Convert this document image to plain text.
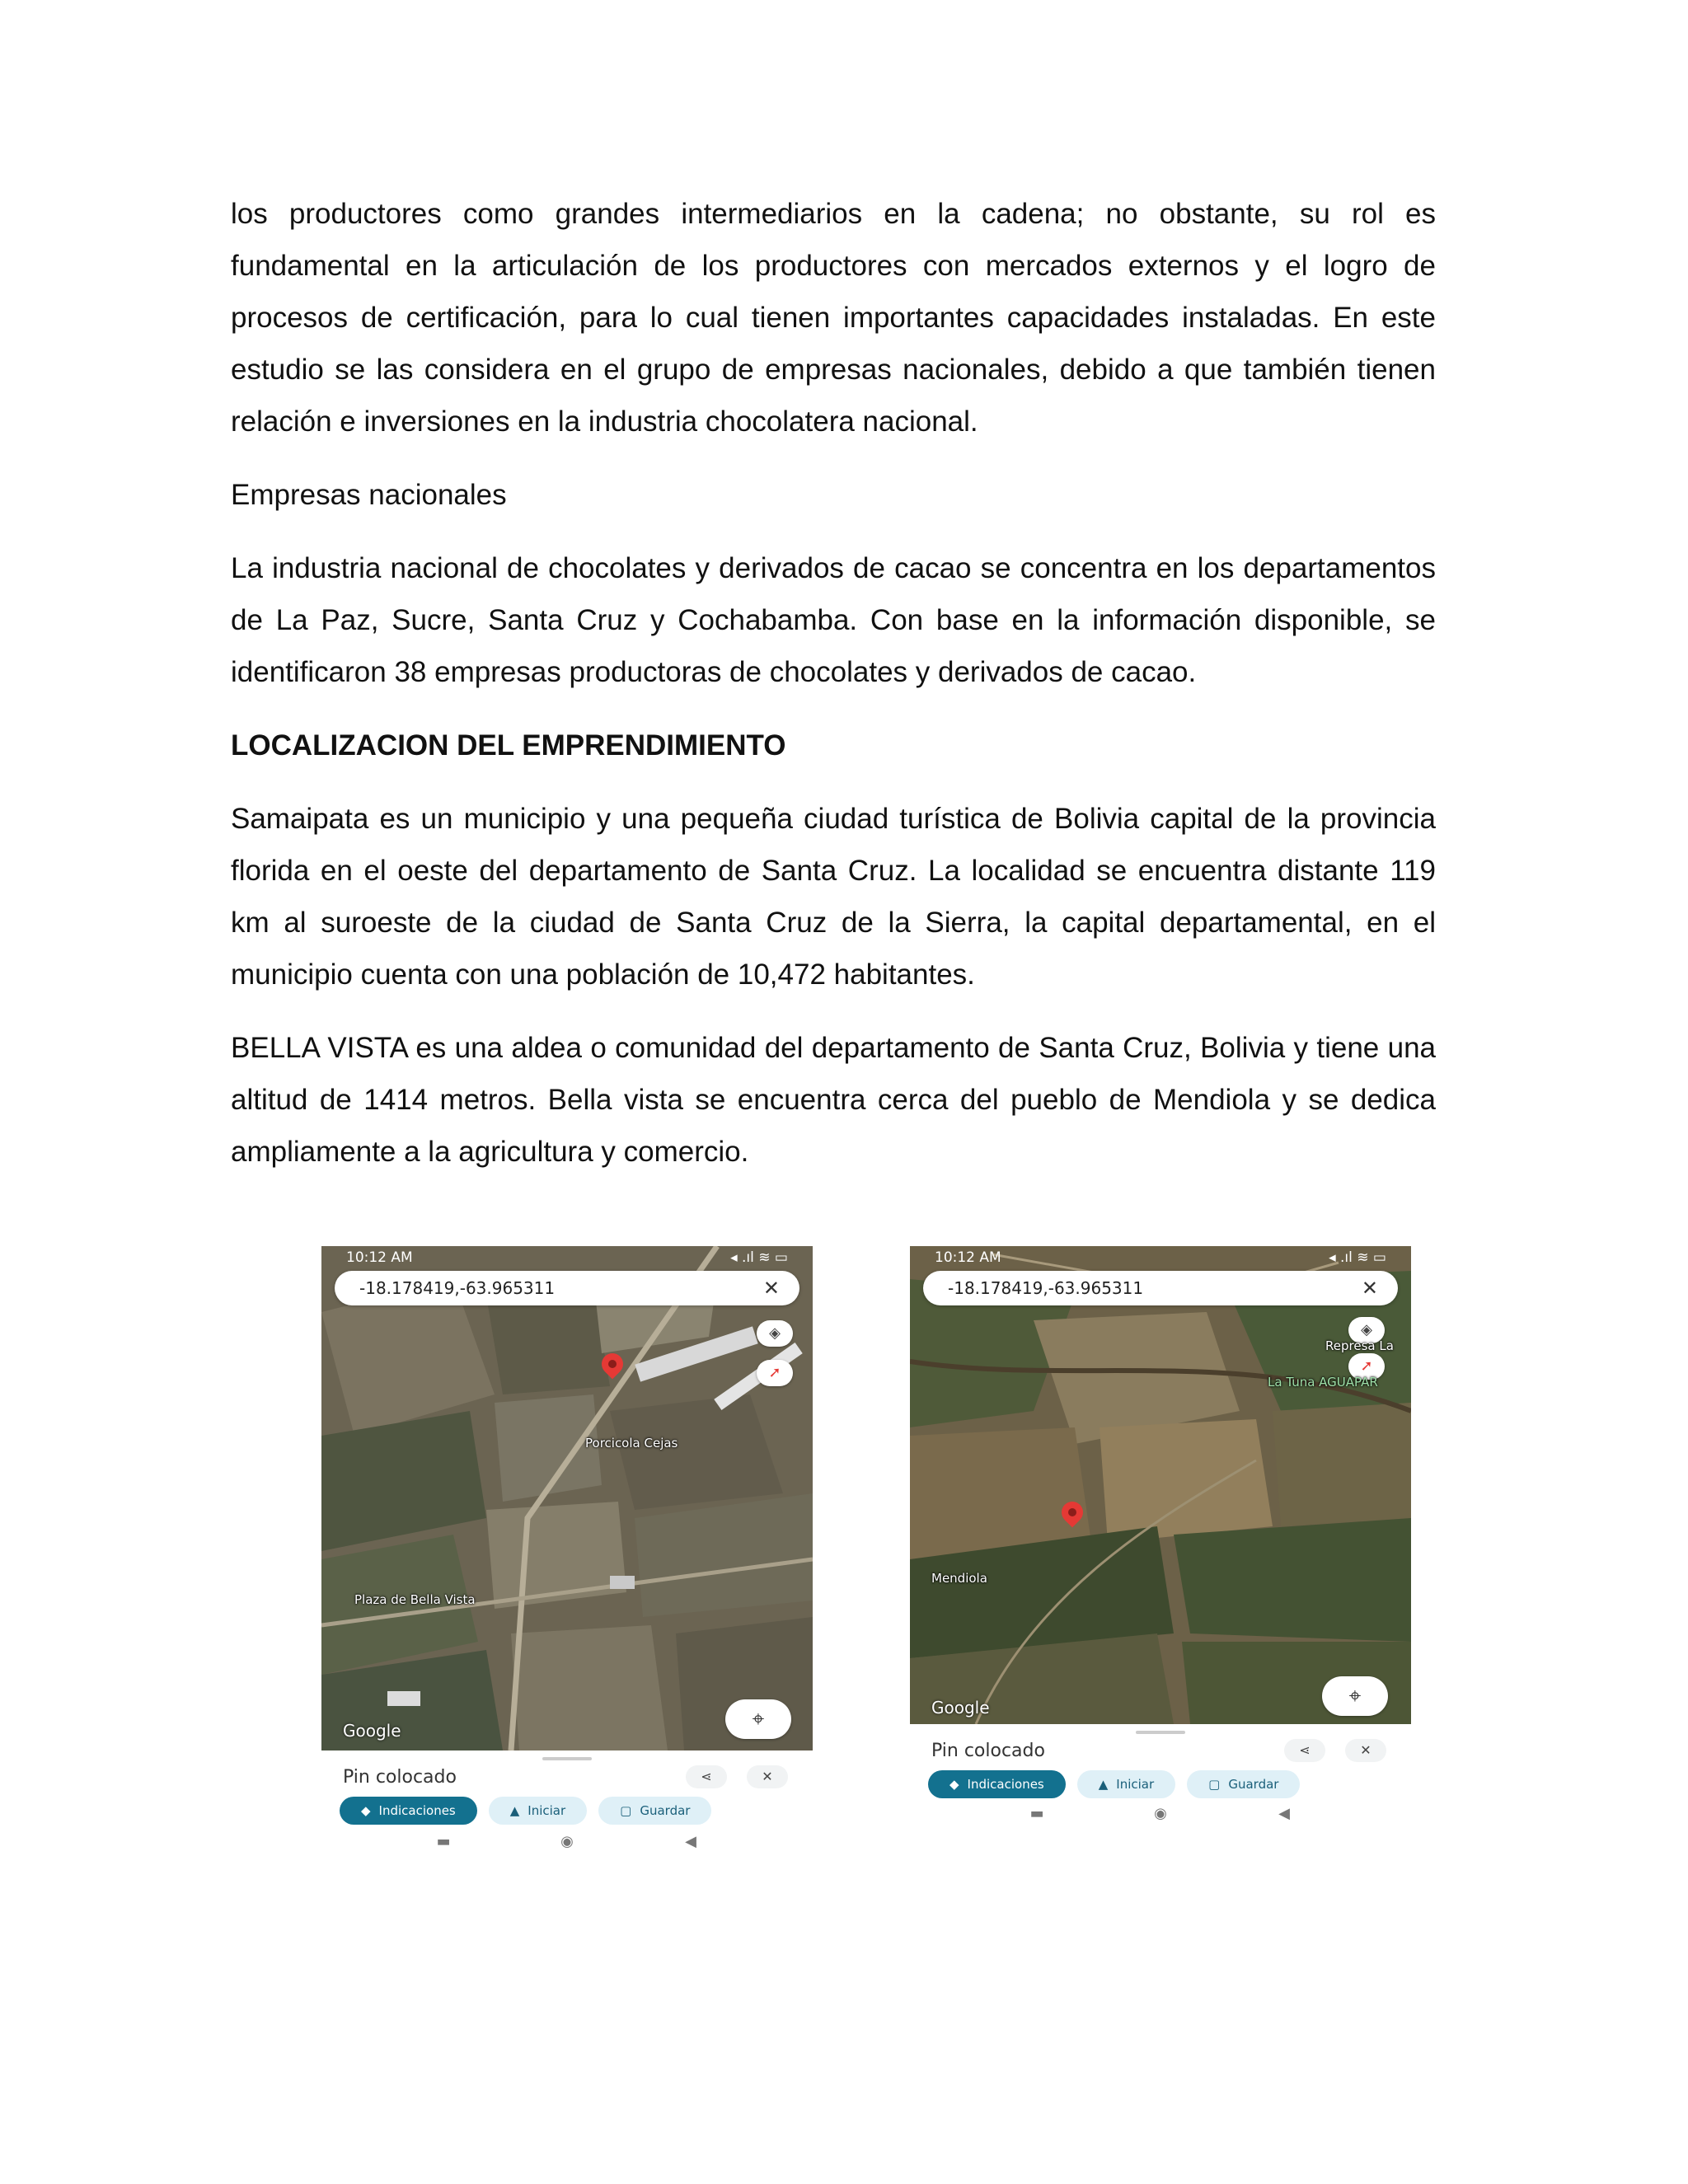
los productores como grandes intermediarios en la cadena; no obstante, su rol es fundamental en la articulación de los productores con mercados externos y el logro de procesos de certificación, para lo cual tienen importantes capacidades instaladas. En este estudio se las considera en el grupo de empresas nacionales, debido a que también tienen relación e inversiones en la industria chocolatera nacional.

Empresas nacionales

La industria nacional de chocolates y derivados de cacao se concentra en los departamentos de La Paz, Sucre, Santa Cruz y Cochabamba. Con base en la información disponible, se identificaron 38 empresas productoras de chocolates y derivados de cacao.

LOCALIZACION DEL EMPRENDIMIENTO

Samaipata es un municipio y una pequeña ciudad turística de Bolivia capital de la provincia florida en el oeste del departamento de Santa Cruz. La localidad se encuentra distante 119 km al suroeste de la ciudad de Santa Cruz de la Sierra, la capital departamental, en el municipio cuenta con una población de 10,472 habitantes.

BELLA VISTA es una aldea o comunidad del departamento de Santa Cruz, Bolivia y tiene una altitud de 1414 metros. Bella vista se encuentra cerca del pueblo de Mendiola y se dedica ampliamente a la agricultura y comercio.

10:12 AM	◂ .ıl ≋ ▭
-18.178419,-63.965311	✕
◈
➚
Porcicola Cejas
Plaza de Bella Vista
Google	⌖
Pin colocado	⋖	✕
◆ Indicaciones	▲ Iniciar	▢ Guardar
▬	◉	◀
10:12 AM	◂ .ıl ≋ ▭
-18.178419,-63.965311	✕
◈
➚
Represa La
La Tuna AGUAPAR
Mendiola
Google	⌖
Pin colocado	⋖	✕
◆ Indicaciones	▲ Iniciar	▢ Guardar
▬	◉	◀
